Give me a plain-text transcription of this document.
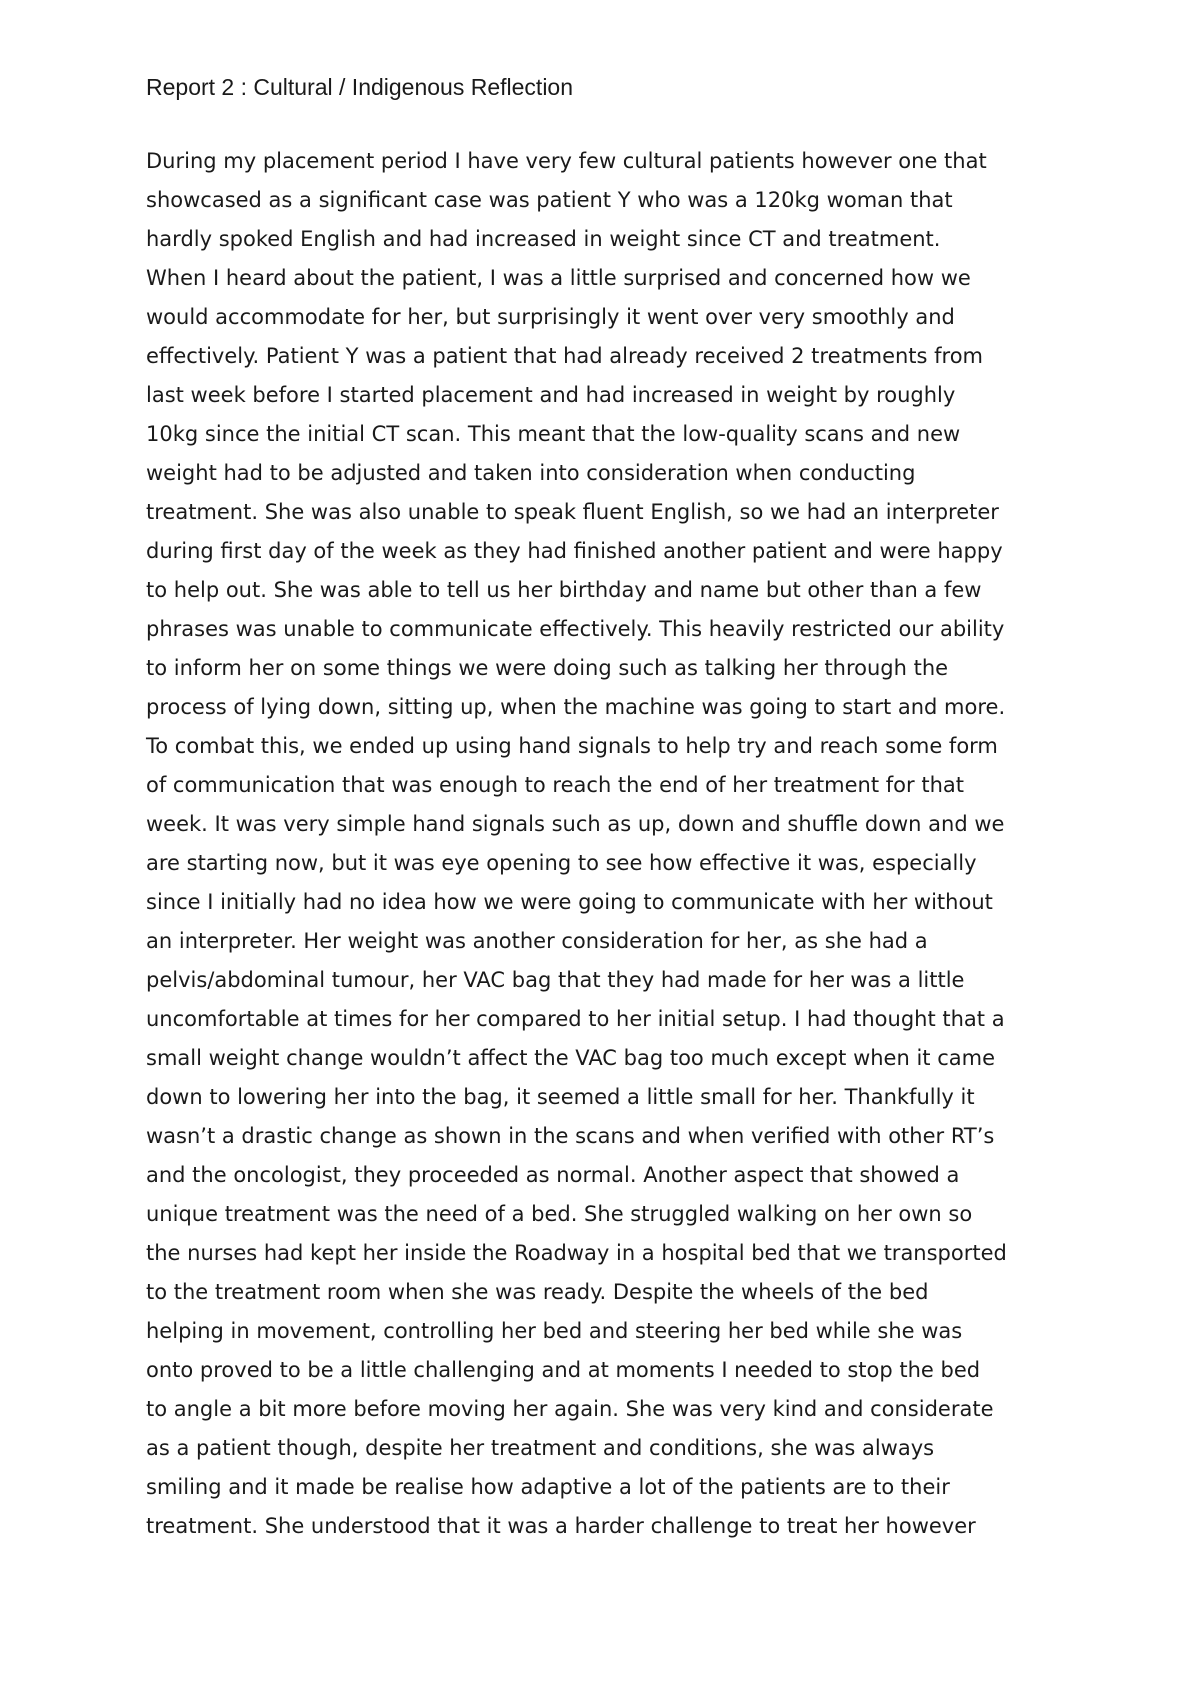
Report 2 : Cultural / Indigenous Reflection
During my placement period I have very few cultural patients however one that
showcased as a significant case was patient Y who was a 120kg woman that
hardly spoked English and had increased in weight since CT and treatment.
When I heard about the patient, I was a little surprised and concerned how we
would accommodate for her, but surprisingly it went over very smoothly and
effectively. Patient Y was a patient that had already received 2 treatments from
last week before I started placement and had increased in weight by roughly
10kg since the initial CT scan. This meant that the low-quality scans and new
weight had to be adjusted and taken into consideration when conducting
treatment. She was also unable to speak fluent English, so we had an interpreter
during first day of the week as they had finished another patient and were happy
to help out. She was able to tell us her birthday and name but other than a few
phrases was unable to communicate effectively. This heavily restricted our ability
to inform her on some things we were doing such as talking her through the
process of lying down, sitting up, when the machine was going to start and more.
To combat this, we ended up using hand signals to help try and reach some form
of communication that was enough to reach the end of her treatment for that
week. It was very simple hand signals such as up, down and shuffle down and we
are starting now, but it was eye opening to see how effective it was, especially
since I initially had no idea how we were going to communicate with her without
an interpreter. Her weight was another consideration for her, as she had a
pelvis/abdominal tumour, her VAC bag that they had made for her was a little
uncomfortable at times for her compared to her initial setup. I had thought that a
small weight change wouldn’t affect the VAC bag too much except when it came
down to lowering her into the bag, it seemed a little small for her. Thankfully it
wasn’t a drastic change as shown in the scans and when verified with other RT’s
and the oncologist, they proceeded as normal. Another aspect that showed a
unique treatment was the need of a bed. She struggled walking on her own so
the nurses had kept her inside the Roadway in a hospital bed that we transported
to the treatment room when she was ready. Despite the wheels of the bed
helping in movement, controlling her bed and steering her bed while she was
onto proved to be a little challenging and at moments I needed to stop the bed
to angle a bit more before moving her again. She was very kind and considerate
as a patient though, despite her treatment and conditions, she was always
smiling and it made be realise how adaptive a lot of the patients are to their
treatment. She understood that it was a harder challenge to treat her however
